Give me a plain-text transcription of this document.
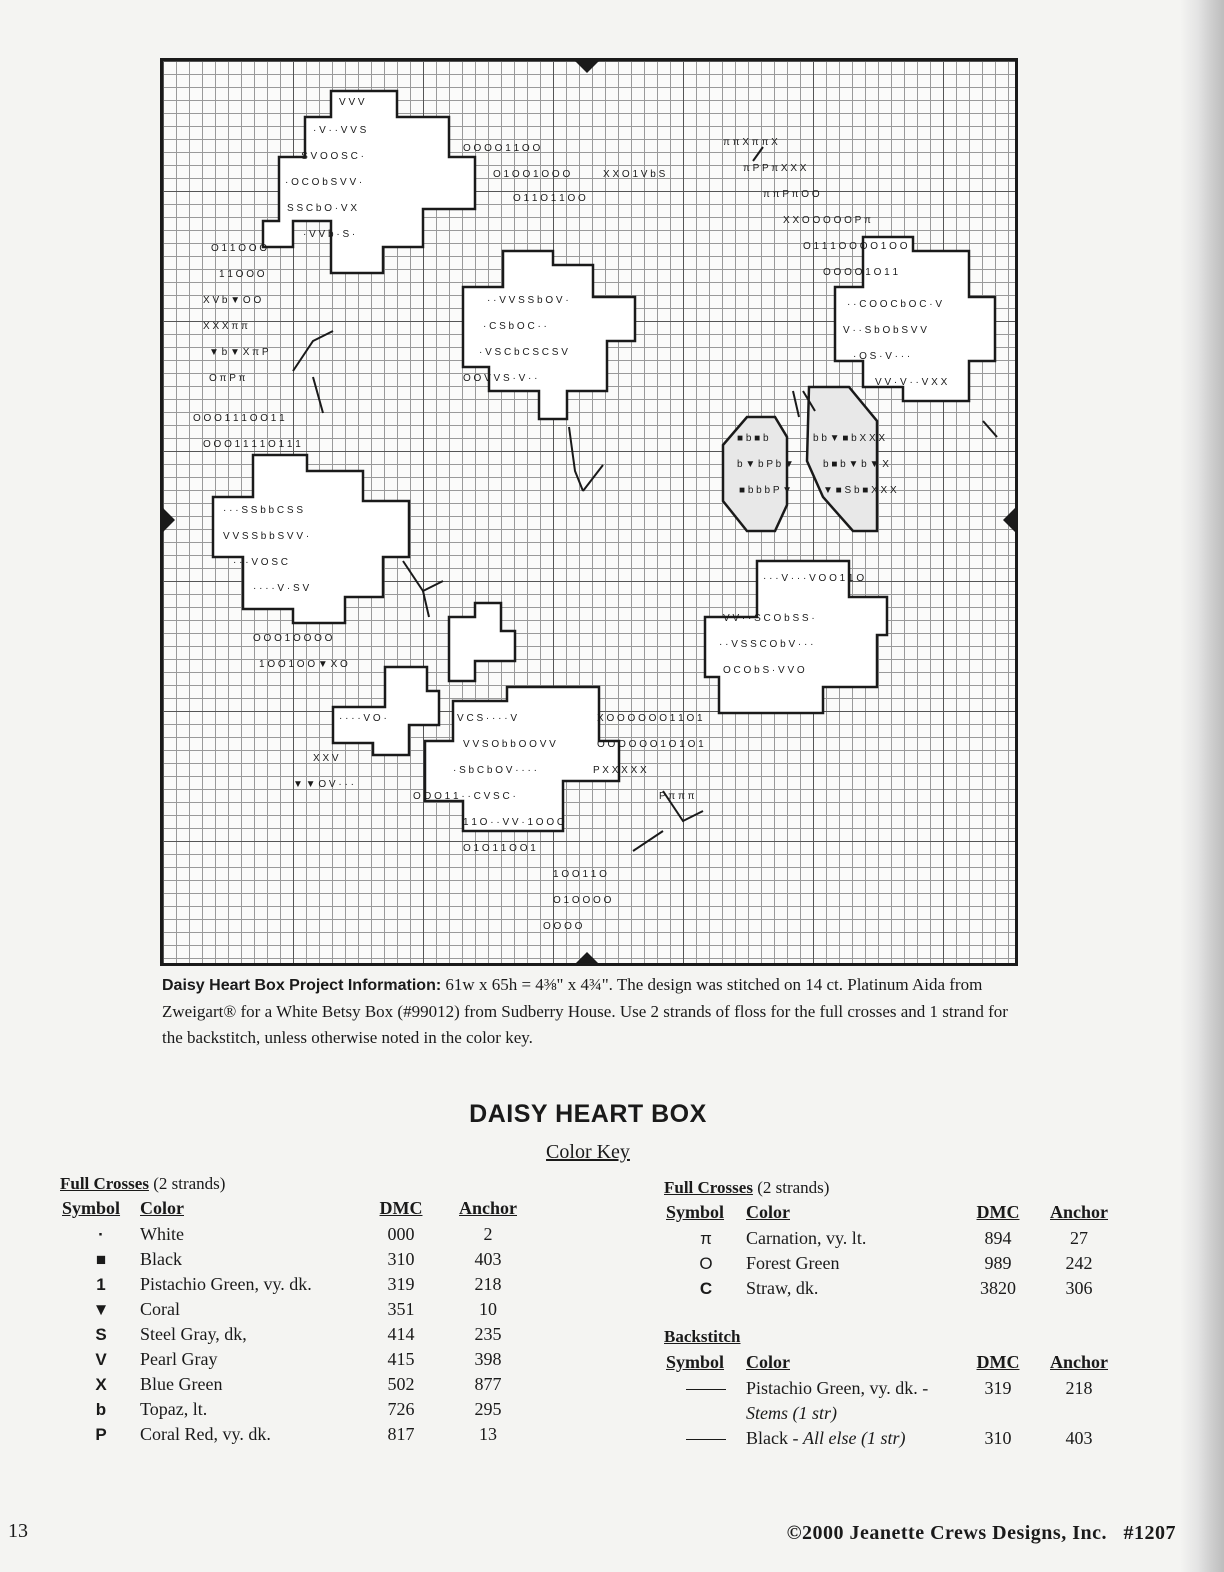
V V V
· V · · V V S
· S V O O S C ·
· O C O b S V V ·
S S C b O · V X
· V V b · S ·
O O O O 1 1 O O
O 1 O O 1 O O O
O 1 1 O 1 1 O O
X X O 1 V b S
π π X π π X
π P P π X X X
π π P π O O
X X O O O O O P π
O 1 1 1 O O O O 1 O O
O O O O 1 O 1 1
· · V V S S b O V ·
· C S b O C · ·
· V S C b C S C S V
O O V V S · V · ·
O 1 1 O O O
1 1 O O O
X V b ▼ O O
X X X π π
▼ b ▼ X π P
O π P π
O O O 1 1 1 O O 1 1
O O O 1 1 1 1 O 1 1 1
· · · S S b b C S S
V V S S b b S V V ·
· · · V O S C
· · · · V · S V
· · C O O C b O C · V
V · · S b O b S V V
· O S · V · · ·
V V · V · · V X X
■ b ■ b
b ▼ b P b ▼
■ b b b P ▼
b b ▼ ■ b X X X
b ■ b ▼ b ▼ X
▼ ■ S b ■ X X X
· · · V · · · V O O 1 1 O
V V · · S C O b S S ·
· · V S S C O b V · · ·
O C O b S · V V O
X O O O O O O 1 1 O 1
O O O O O O 1 O 1 O 1
P X X X X X
P π π π
V C S · · · · V
V V S O b b O O V V
· S b C b O V · · · ·
O O O 1 1 · · C V S C ·
1 1 O · · V V · 1 O O O
O 1 O 1 1 O O 1
1 O O 1 1 O
O 1 O O O O
O O O O
· · · · V O ·
X X V
▼ ▼ O V · · ·
O O O 1 O O O O
1 O O 1 O O ▼ X O

Daisy Heart Box Project Information: 61w x 65h = 4⅜" x 4¾". The design was stitched on 14 ct. Platinum Aida from Zweigart® for a White Betsy Box (#99012) from Sudberry House. Use 2 strands of floss for the full crosses and 1 strand for the backstitch, unless otherwise noted in the color key.

DAISY HEART BOX
Color Key
Full Crosses (2 strands)
Symbol	Color	DMC	Anchor
·	White	000	2
■	Black	310	403
1	Pistachio Green, vy. dk.	319	218
▼	Coral	351	10
S	Steel Gray, dk,	414	235
V	Pearl Gray	415	398
X	Blue Green	502	877
b	Topaz, lt.	726	295
P	Coral Red, vy. dk.	817	13
Full Crosses (2 strands)
Symbol	Color	DMC	Anchor
π	Carnation, vy. lt.	894	27
O	Forest Green	989	242
C	Straw, dk.	3820	306
Backstitch
Symbol	Color	DMC	Anchor
	Pistachio Green, vy. dk. -	319	218
	Stems (1 str)		
	Black - All else (1 str)	310	403
13	©2000 Jeanette Crews Designs, Inc. #1207
